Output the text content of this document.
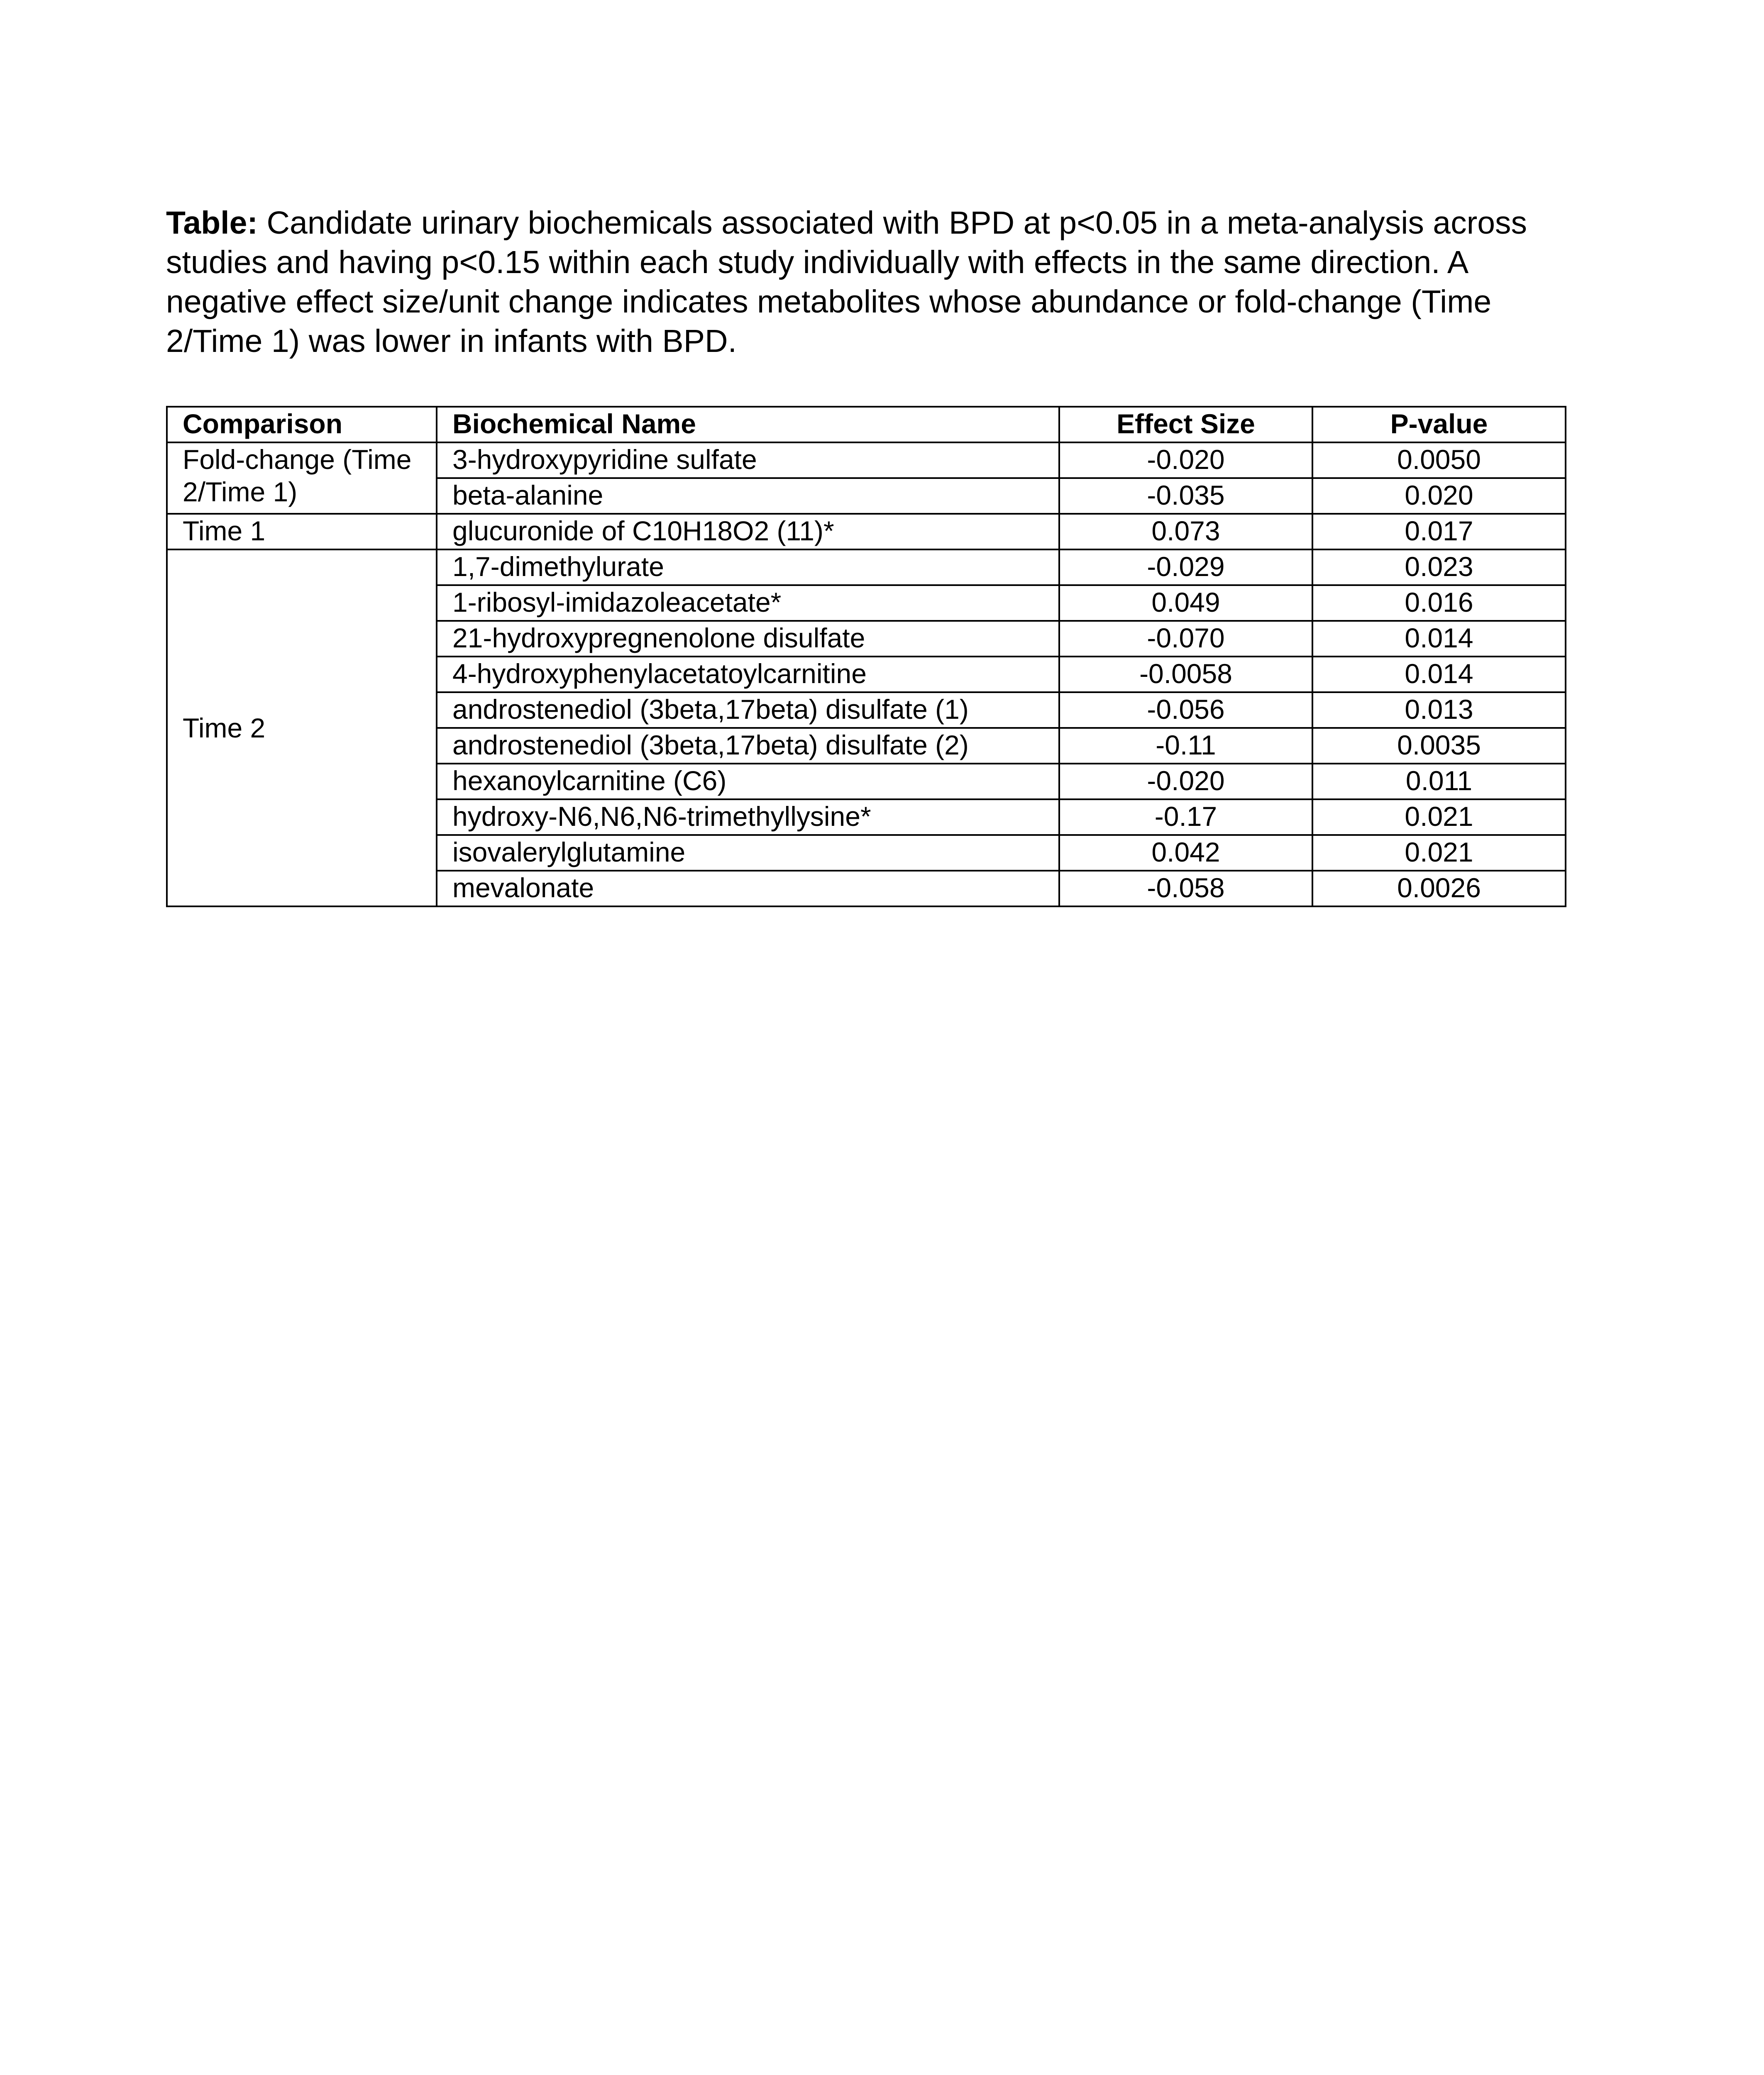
Table: Candidate urinary biochemicals associated with BPD at p<0.05 in a meta-analysis across studies and having p<0.15 within each study individually with effects in the same direction. A negative effect size/unit change indicates metabolites whose abundance or fold-change (Time 2/Time 1) was lower in infants with BPD.

Comparison	Biochemical Name	Effect Size	P-value
Fold-change (Time 2/Time 1)	3-hydroxypyridine sulfate	-0.020	0.0050
	beta-alanine	-0.035	0.020
Time 1	glucuronide of C10H18O2 (11)*	0.073	0.017
Time 2	1,7-dimethylurate	-0.029	0.023
	1-ribosyl-imidazoleacetate*	0.049	0.016
	21-hydroxypregnenolone disulfate	-0.070	0.014
	4-hydroxyphenylacetatoylcarnitine	-0.0058	0.014
	androstenediol (3beta,17beta) disulfate (1)	-0.056	0.013
	androstenediol (3beta,17beta) disulfate (2)	-0.11	0.0035
	hexanoylcarnitine (C6)	-0.020	0.011
	hydroxy-N6,N6,N6-trimethyllysine*	-0.17	0.021
	isovalerylglutamine	0.042	0.021
	mevalonate	-0.058	0.0026
